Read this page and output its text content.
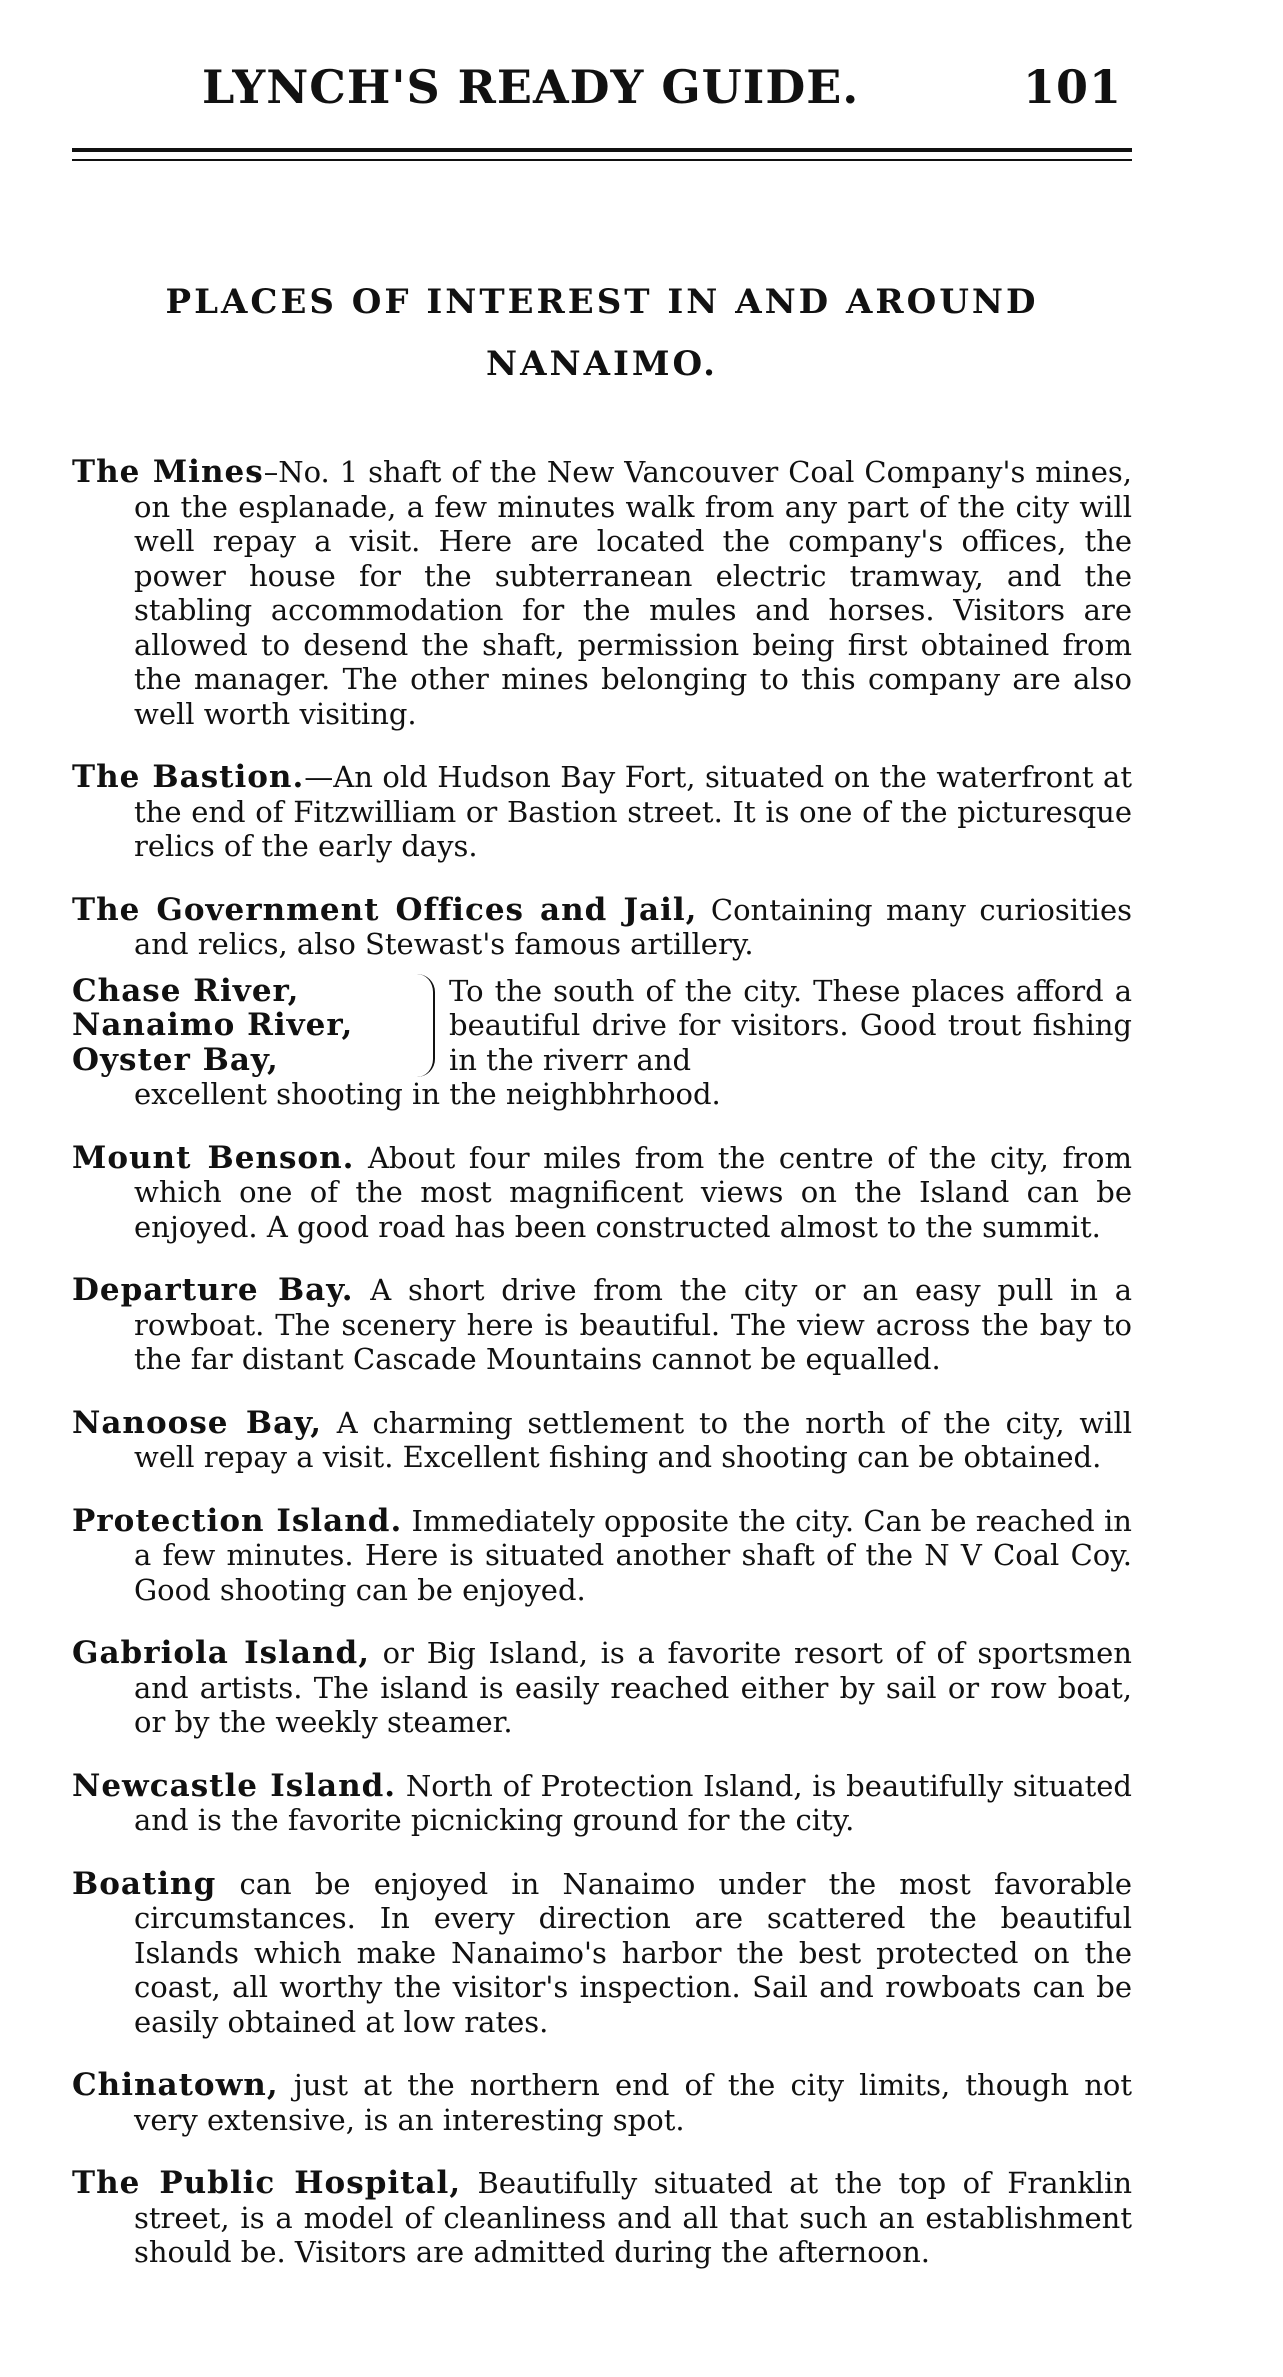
LYNCH'S READY GUIDE.	101
PLACES OF INTEREST IN AND AROUND
NANAIMO.

The Mines–No. 1 shaft of the New Vancouver Coal Company's mines, on the esplanade, a few minutes walk from any part of the city will well repay a visit. Here are located the company's offices, the power house for the subterranean electric tramway, and the stabling accommodation for the mules and horses. Visitors are allowed to desend the shaft, permission being first obtained from the manager. The other mines belonging to this company are also well worth visiting.

The Bastion.—An old Hudson Bay Fort, situated on the waterfront at the end of Fitzwilliam or Bastion street. It is one of the picturesque relics of the early days.

The Government Offices and Jail, Containing many curiosities and relics, also Stewast's famous artillery.

Chase River,
Nanaimo River,
Oyster Bay,
To the south of the city. These places afford a beautiful drive for visitors. Good trout fishing in the riverr and
excellent shooting in the neighbhrhood.

Mount Benson. About four miles from the centre of the city, from which one of the most magnificent views on the Island can be enjoyed. A good road has been constructed almost to the summit.

Departure Bay. A short drive from the city or an easy pull in a rowboat. The scenery here is beautiful. The view across the bay to the far distant Cascade Mountains cannot be equalled.

Nanoose Bay, A charming settlement to the north of the city, will well repay a visit. Excellent fishing and shooting can be obtained.

Protection Island. Immediately opposite the city. Can be reached in a few minutes. Here is situated another shaft of the N V Coal Coy. Good shooting can be enjoyed.

Gabriola Island, or Big Island, is a favorite resort of of sportsmen and artists. The island is easily reached either by sail or row boat, or by the weekly steamer.

Newcastle Island. North of Protection Island, is beautifully situated and is the favorite picnicking ground for the city.

Boating can be enjoyed in Nanaimo under the most favorable circumstances. In every direction are scattered the beautiful Islands which make Nanaimo's harbor the best protected on the coast, all worthy the visitor's inspection. Sail and rowboats can be easily obtained at low rates.

Chinatown, just at the northern end of the city limits, though not very extensive, is an interesting spot.

The Public Hospital, Beautifully situated at the top of Franklin street, is a model of cleanliness and all that such an establishment should be. Visitors are admitted during the afternoon.
